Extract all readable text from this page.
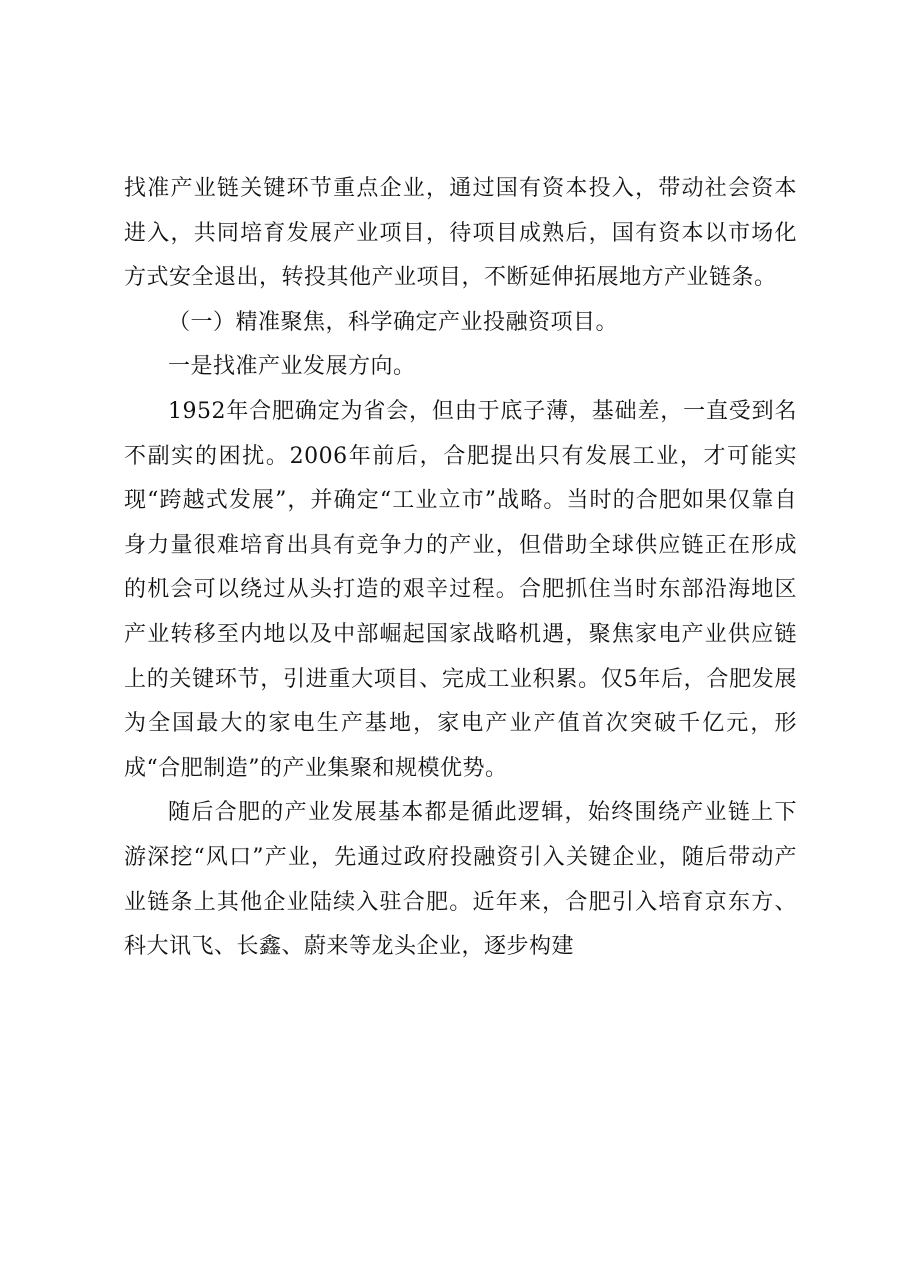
找准产业链关键环节重点企业，通过国有资本投入，带动社会资本进入，共同培育发展产业项目，待项目成熟后，国有资本以市场化方式安全退出，转投其他产业项目，不断延伸拓展地方产业链条。

（一）精准聚焦，科学确定产业投融资项目。

一是找准产业发展方向。

1952年合肥确定为省会，但由于底子薄，基础差，一直受到名不副实的困扰。2006年前后，合肥提出只有发展工业，才可能实现“跨越式发展”，并确定“工业立市”战略。当时的合肥如果仅靠自身力量很难培育出具有竞争力的产业，但借助全球供应链正在形成的机会可以绕过从头打造的艰辛过程。合肥抓住当时东部沿海地区产业转移至内地以及中部崛起国家战略机遇，聚焦家电产业供应链上的关键环节，引进重大项目、完成工业积累。仅5年后，合肥发展为全国最大的家电生产基地，家电产业产值首次突破千亿元，形成“合肥制造”的产业集聚和规模优势。

随后合肥的产业发展基本都是循此逻辑，始终围绕产业链上下游深挖“风口”产业，先通过政府投融资引入关键企业，随后带动产业链条上其他企业陆续入驻合肥。近年来，合肥引入培育京东方、科大讯飞、长鑫、蔚来等龙头企业，逐步构建
